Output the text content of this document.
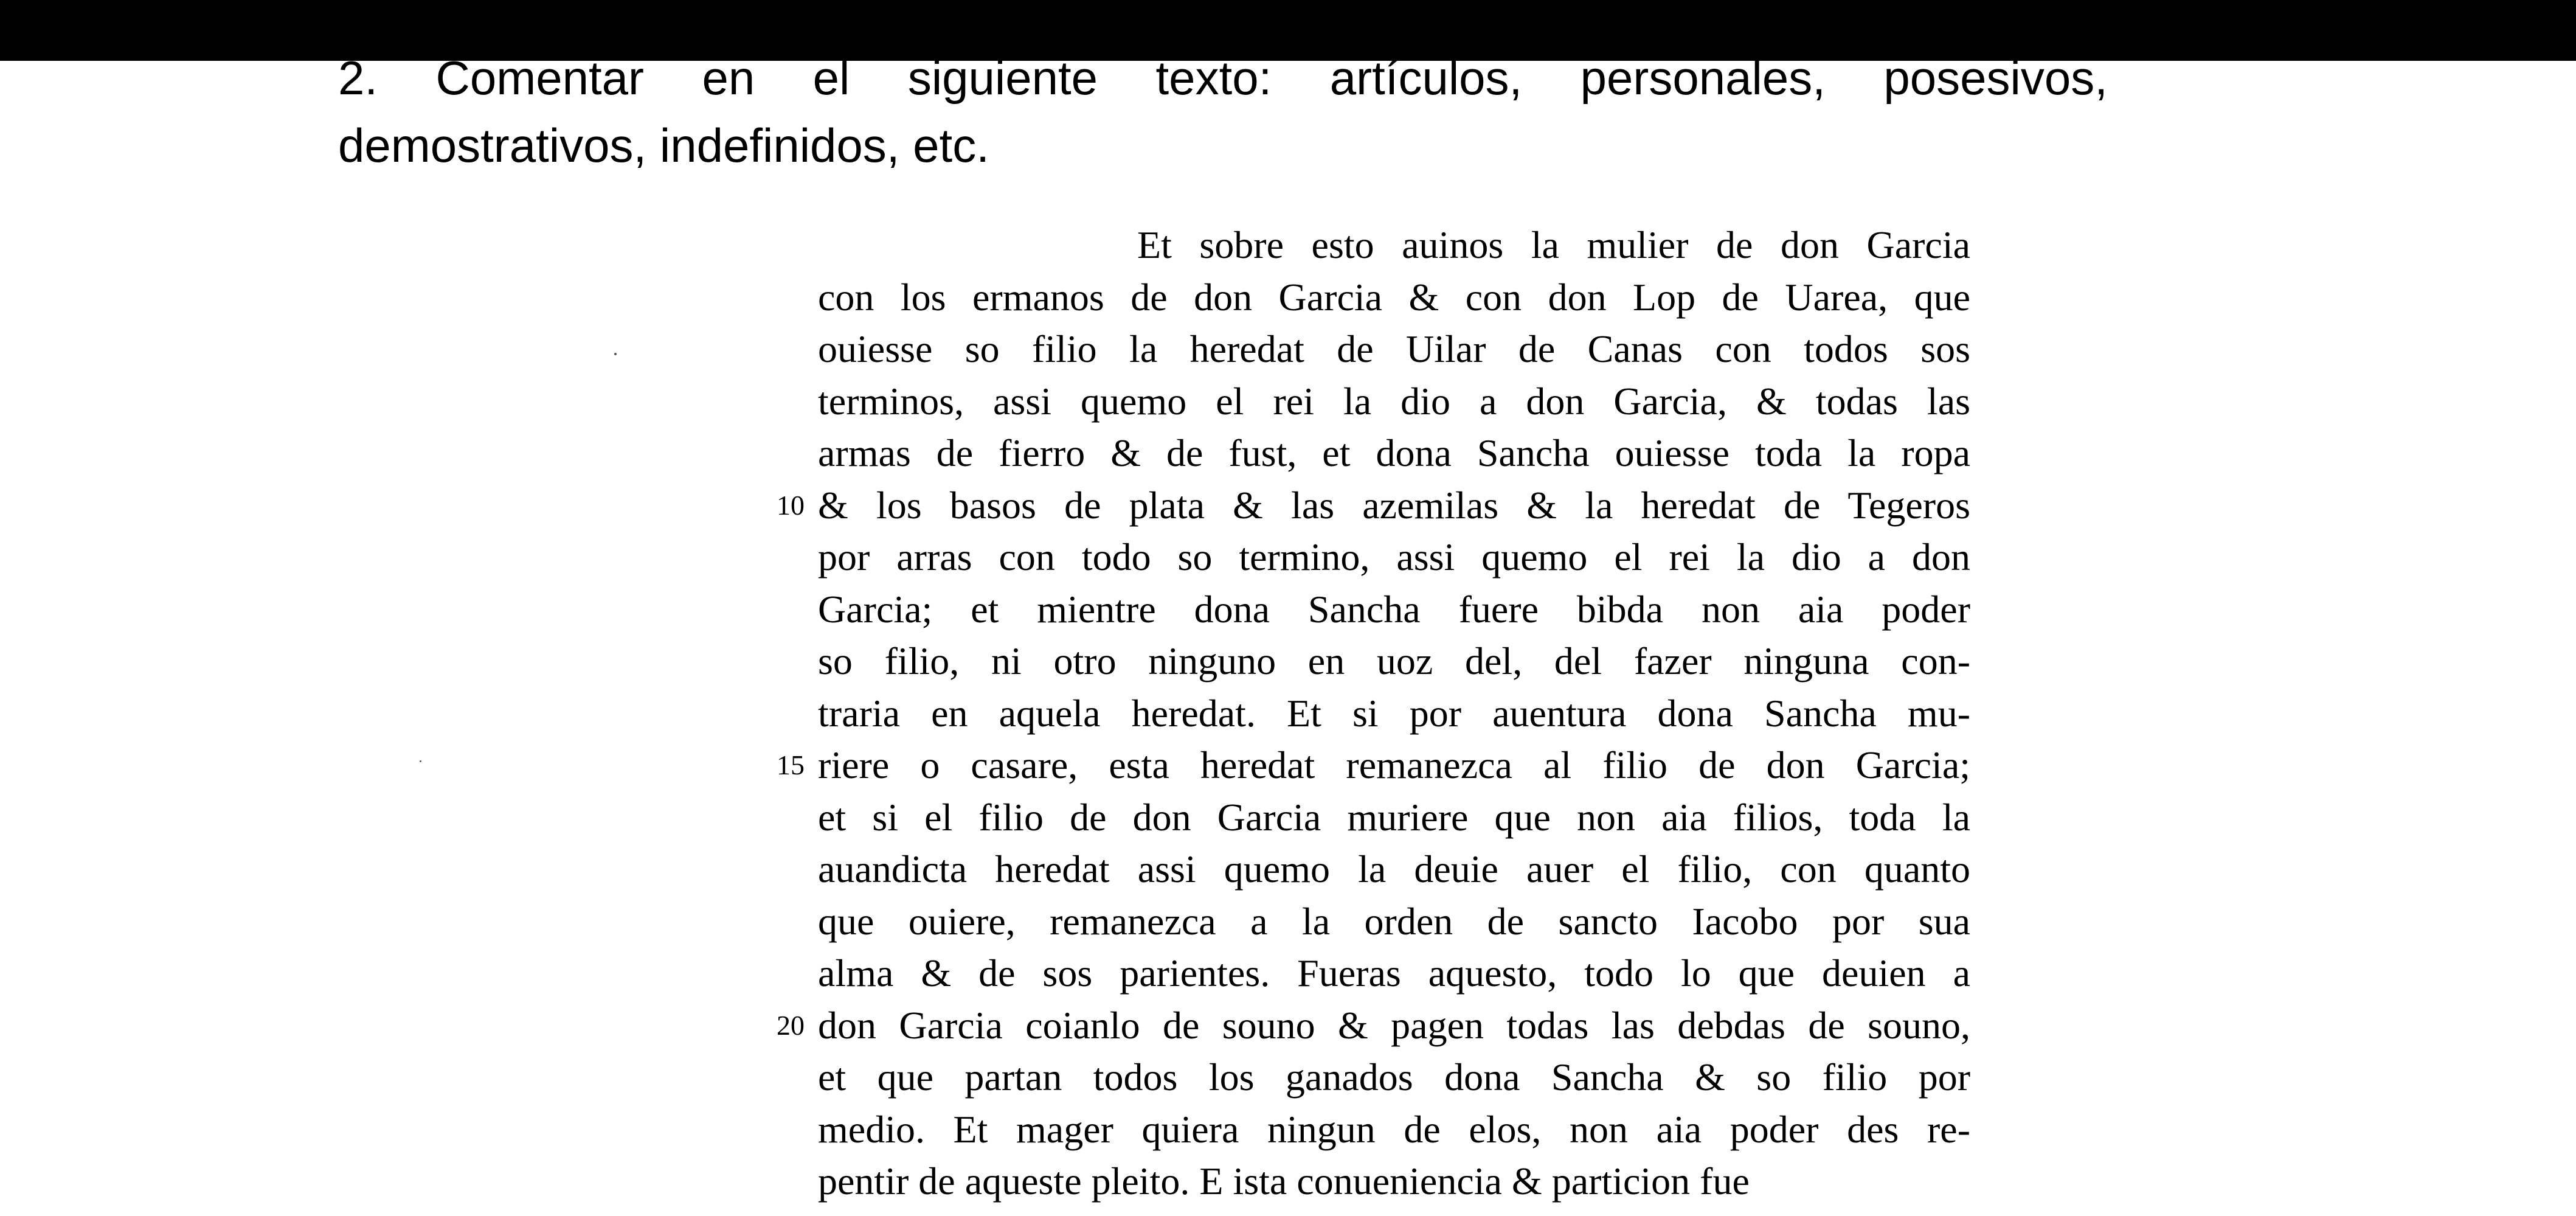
2. Comentar en el siguiente texto: artículos, personales, posesivos,
demostrativos, indefinidos, etc.
Et sobre esto auinos la mulier de don Garcia
con los ermanos de don Garcia & con don Lop de Uarea, que
ouiesse so filio la heredat de Uilar de Canas con todos sos
terminos, assi quemo el rei la dio a don Garcia, & todas las
armas de fierro & de fust, et dona Sancha ouiesse toda la ropa
10 & los basos de plata & las azemilas & la heredat de Tegeros
por arras con todo so termino, assi quemo el rei la dio a don
Garcia; et mientre dona Sancha fuere bibda non aia poder
so filio, ni otro ninguno en uoz del, del fazer ninguna con-
traria en aquela heredat. Et si por auentura dona Sancha mu-
15 riere o casare, esta heredat remanezca al filio de don Garcia;
et si el filio de don Garcia muriere que non aia filios, toda la
auandicta heredat assi quemo la deuie auer el filio, con quanto
que ouiere, remanezca a la orden de sancto Iacobo por sua
alma & de sos parientes. Fueras aquesto, todo lo que deuien a
20 don Garcia coianlo de souno & pagen todas las debdas de souno,
et que partan todos los ganados dona Sancha & so filio por
medio. Et mager quiera ningun de elos, non aia poder des re-
pentir de aqueste pleito. E ista conueniencia & particion fue
